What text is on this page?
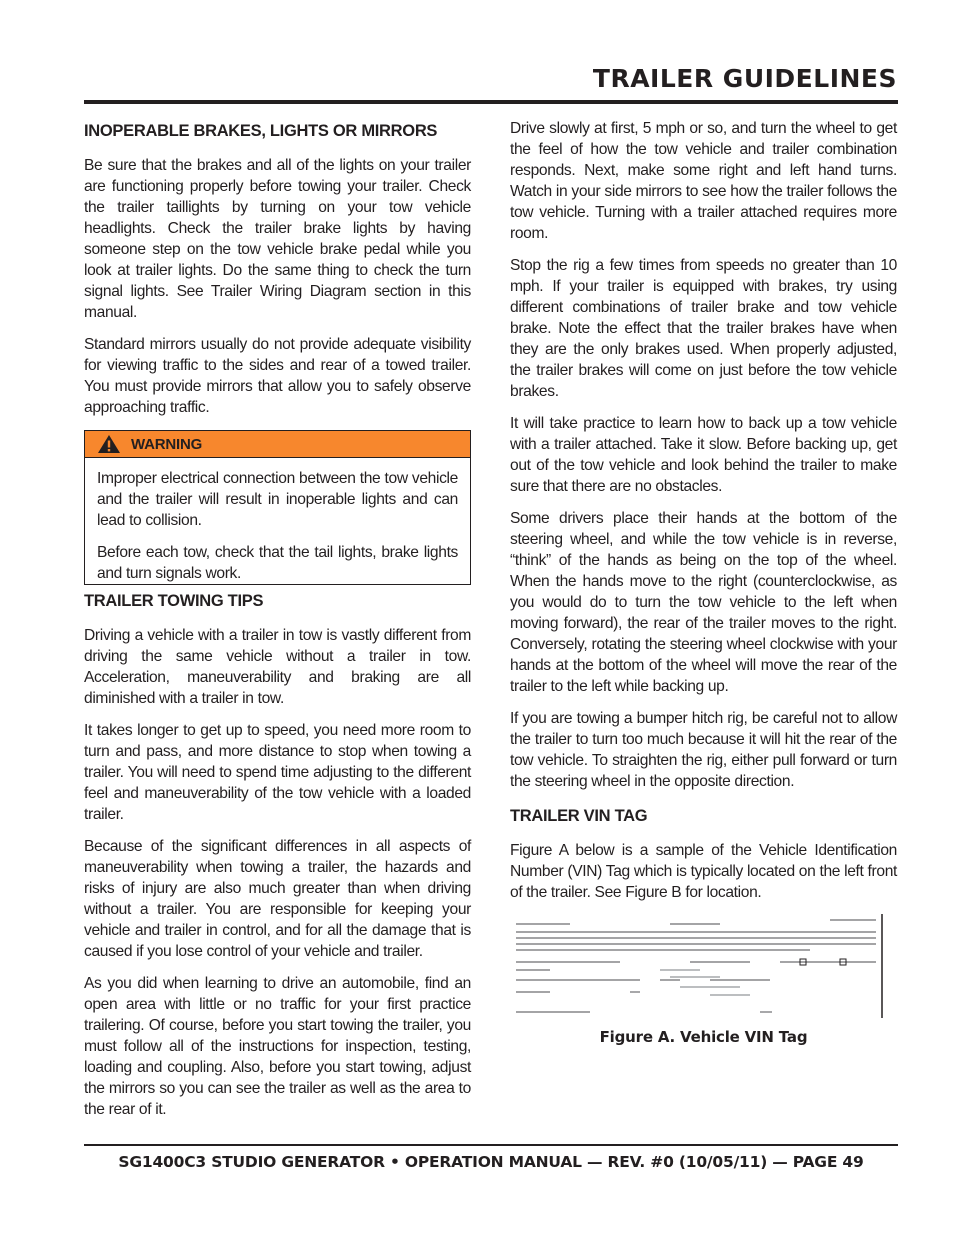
TRAILER GUIDELINES
INOPERABLE BRAKES, LIGHTS OR MIRRORS

Be sure that the brakes and all of the lights on your trailer are functioning properly before towing your trailer. Check the trailer taillights by turning on your tow vehicle headlights. Check the trailer brake lights by having someone step on the tow vehicle brake pedal while you look at trailer lights. Do the same thing to check the turn signal lights. See Trailer Wiring Diagram section in this manual.

Standard mirrors usually do not provide adequate visibility for viewing traffic to the sides and rear of a towed trailer. You must provide mirrors that allow you to safely observe approaching traffic.

WARNING

Improper electrical connection between the tow vehicle and the trailer will result in inoperable lights and can lead to collision.

Before each tow, check that the tail lights, brake lights and turn signals work.

TRAILER TOWING TIPS

Driving a vehicle with a trailer in tow is vastly different from driving the same vehicle without a trailer in tow. Acceleration, maneuverability and braking are all diminished with a trailer in tow.

It takes longer to get up to speed, you need more room to turn and pass, and more distance to stop when towing a trailer. You will need to spend time adjusting to the different feel and maneuverability of the tow vehicle with a loaded trailer.

Because of the significant differences in all aspects of maneuverability when towing a trailer, the hazards and risks of injury are also much greater than when driving without a trailer. You are responsible for keeping your vehicle and trailer in control, and for all the damage that is caused if you lose control of your vehicle and trailer.

As you did when learning to drive an automobile, find an open area with little or no traffic for your first practice trailering. Of course, before you start towing the trailer, you must follow all of the instructions for inspection, testing, loading and coupling. Also, before you start towing, adjust the mirrors so you can see the trailer as well as the area to the rear of it.

Drive slowly at first, 5 mph or so, and turn the wheel to get the feel of how the tow vehicle and trailer combination responds. Next, make some right and left hand turns. Watch in your side mirrors to see how the trailer follows the tow vehicle. Turning with a trailer attached requires more room.

Stop the rig a few times from speeds no greater than 10 mph. If your trailer is equipped with brakes, try using different combinations of trailer brake and tow vehicle brake. Note the effect that the trailer brakes have when they are the only brakes used. When properly adjusted, the trailer brakes will come on just before the tow vehicle brakes.

It will take practice to learn how to back up a tow vehicle with a trailer attached. Take it slow. Before backing up, get out of the tow vehicle and look behind the trailer to make sure that there are no obstacles.

Some drivers place their hands at the bottom of the steering wheel, and while the tow vehicle is in reverse, “think” of the hands as being on the top of the wheel. When the hands move to the right (counterclockwise, as you would do to turn the tow vehicle to the left when moving forward), the rear of the trailer moves to the right. Conversely, rotating the steering wheel clockwise with your hands at the bottom of the wheel will move the rear of the trailer to the left while backing up.

If you are towing a bumper hitch rig, be careful not to allow the trailer to turn too much because it will hit the rear of the tow vehicle. To straighten the rig, either pull forward or turn the steering wheel in the opposite direction.

TRAILER VIN TAG

Figure A below is a sample of the Vehicle Identification Number (VIN) Tag which is typically located on the left front of the trailer. See Figure B for location.

Figure A. Vehicle VIN Tag
SG1400C3 STUDIO GENERATOR • OPERATION MANUAL — REV. #0 (10/05/11) — PAGE 49
